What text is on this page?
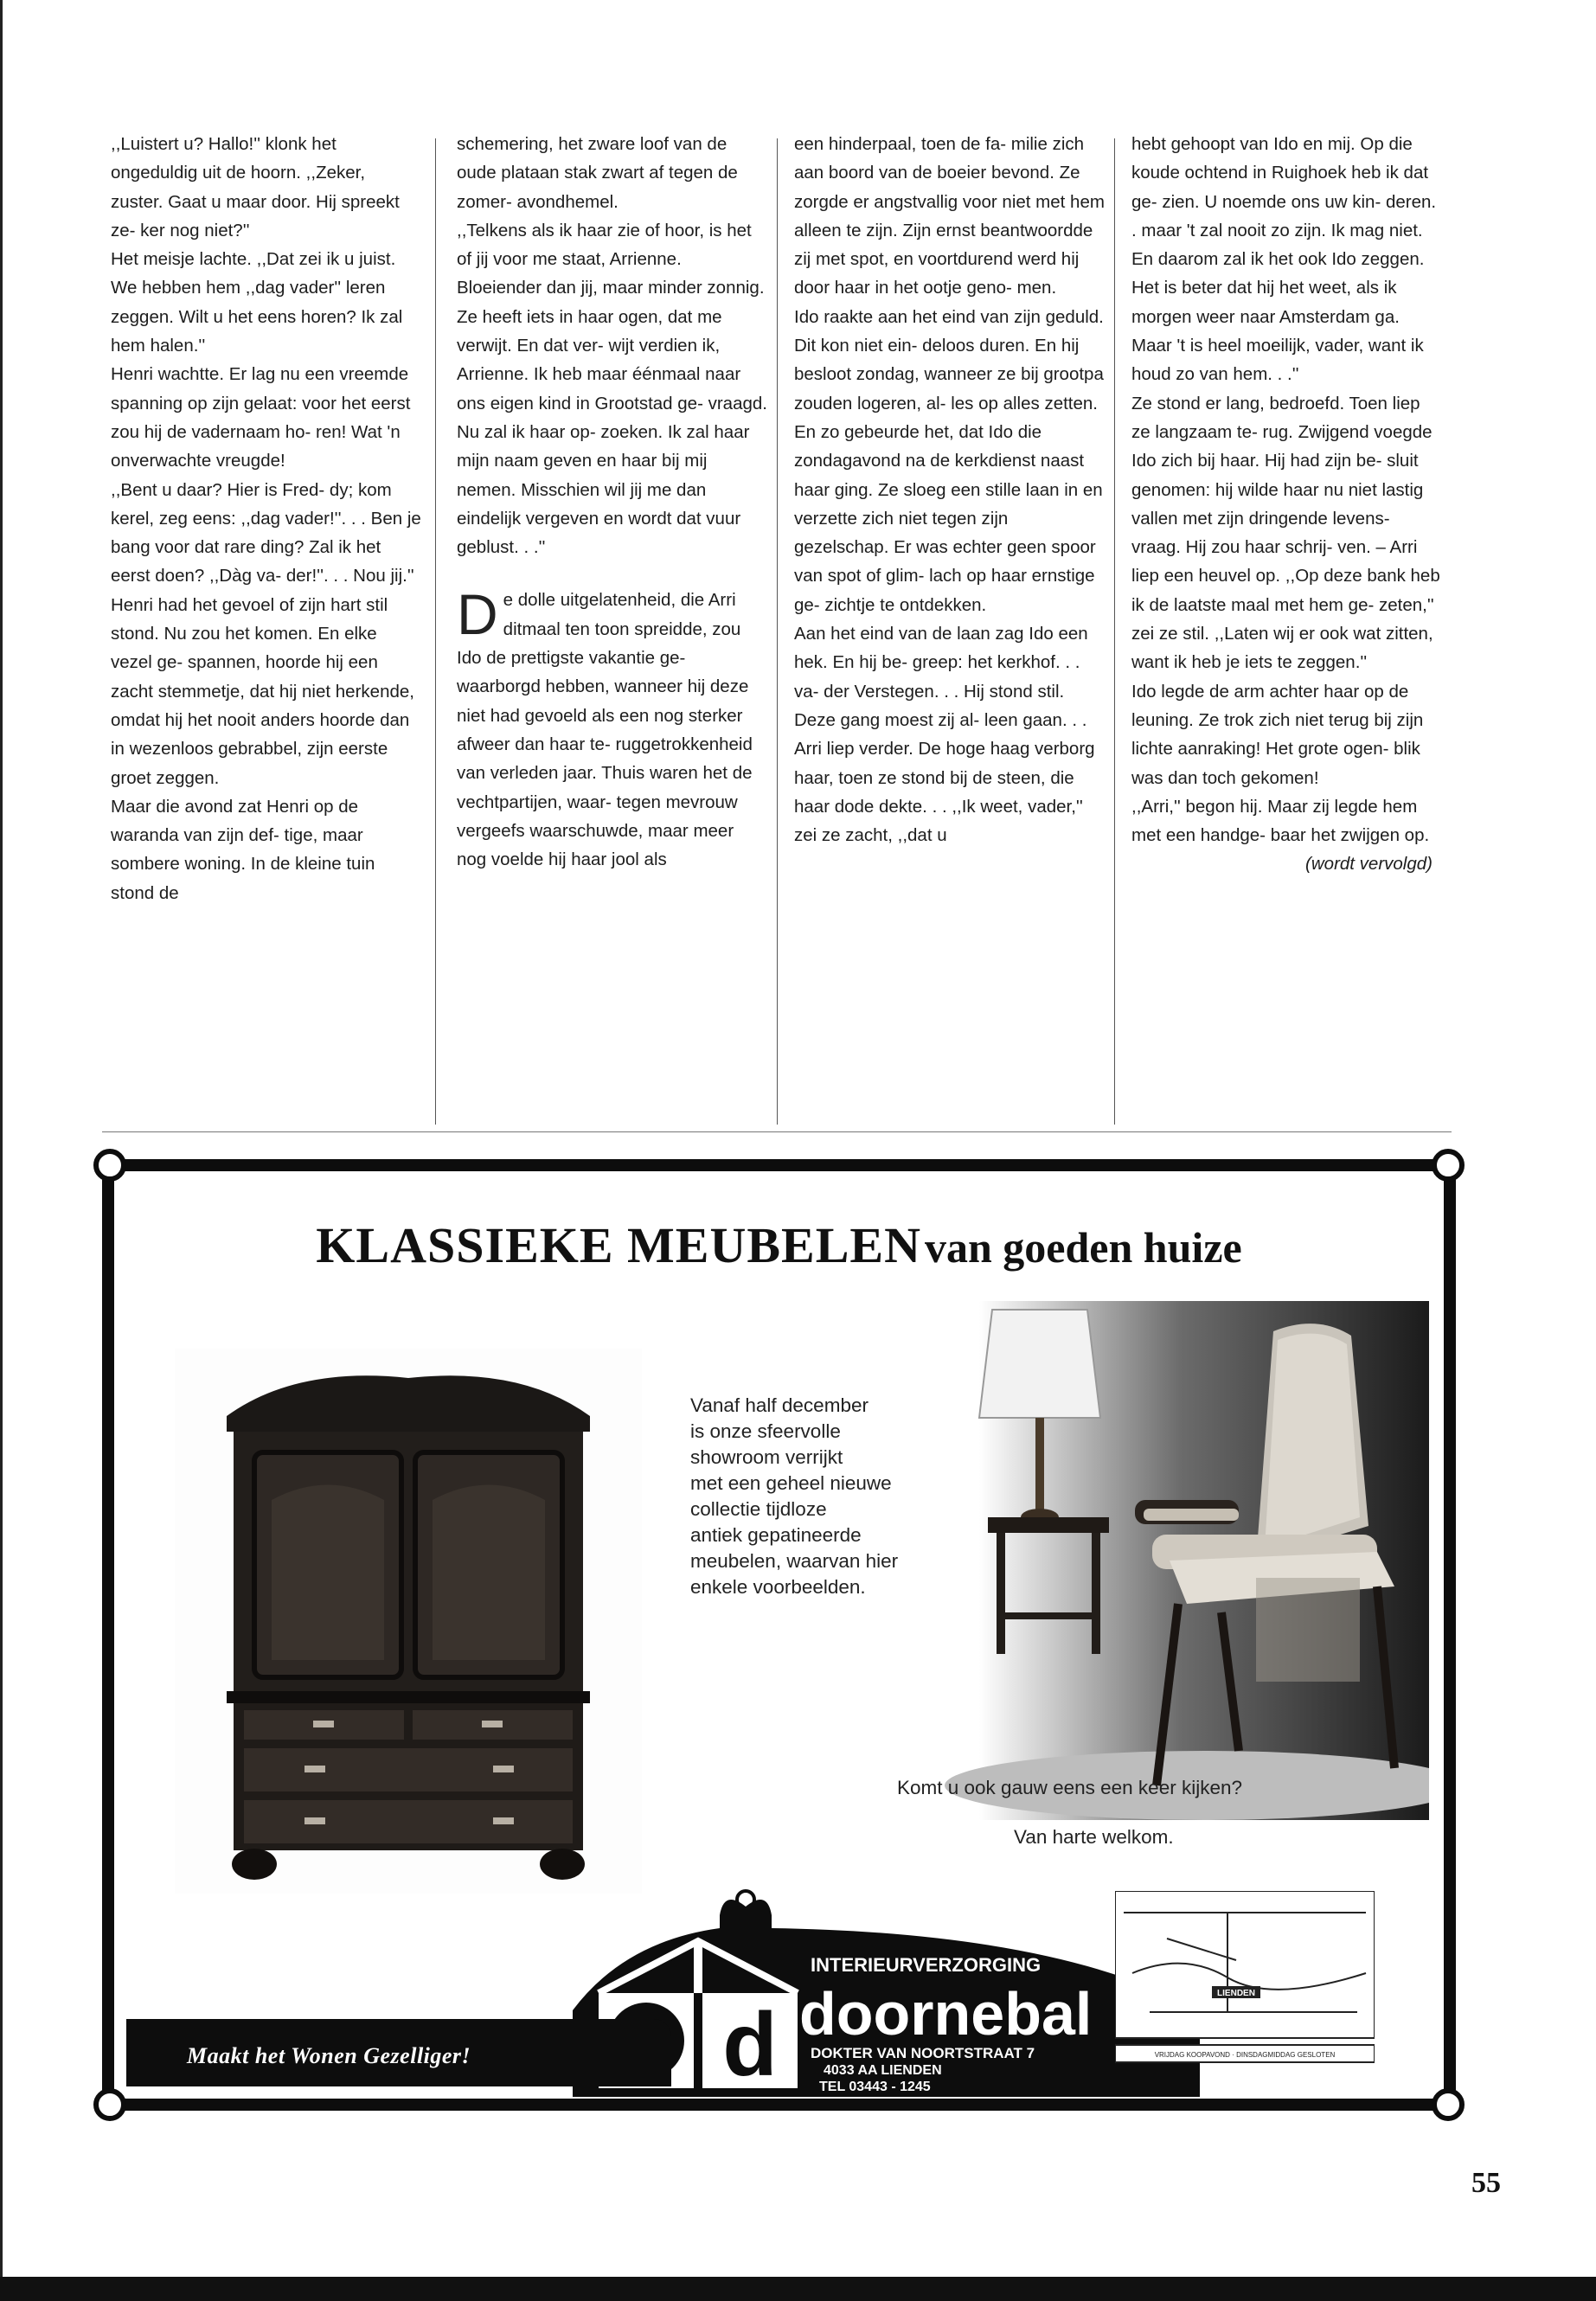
,,Luistert u? Hallo!'' klonk het ongeduldig uit de hoorn. ,,Zeker, zuster. Gaat u maar door. Hij spreekt ze- ker nog niet?''

Het meisje lachte. ,,Dat zei ik u juist. We hebben hem ,,dag vader'' leren zeggen. Wilt u het eens horen? Ik zal hem halen.''

Henri wachtte. Er lag nu een vreemde spanning op zijn gelaat: voor het eerst zou hij de vadernaam ho- ren! Wat 'n onverwachte vreugde!

,,Bent u daar? Hier is Fred- dy; kom kerel, zeg eens: ,,dag vader!''. . . Ben je bang voor dat rare ding? Zal ik het eerst doen? ,,Dàg va- der!''. . . Nou jij.''

Henri had het gevoel of zijn hart stil stond. Nu zou het komen. En elke vezel ge- spannen, hoorde hij een zacht stemmetje, dat hij niet herkende, omdat hij het nooit anders hoorde dan in wezenloos gebrabbel, zijn eerste groet zeggen.

Maar die avond zat Henri op de waranda van zijn def- tige, maar sombere woning. In de kleine tuin stond de

schemering, het zware loof van de oude plataan stak zwart af tegen de zomer- avondhemel.

,,Telkens als ik haar zie of hoor, is het of jij voor me staat, Arrienne. Bloeiender dan jij, maar minder zonnig. Ze heeft iets in haar ogen, dat me verwijt. En dat ver- wijt verdien ik, Arrienne. Ik heb maar éénmaal naar ons eigen kind in Grootstad ge- vraagd. Nu zal ik haar op- zoeken. Ik zal haar mijn naam geven en haar bij mij nemen. Misschien wil jij me dan eindelijk vergeven en wordt dat vuur geblust. . .''

De dolle uitgelatenheid, die Arri ditmaal ten toon spreidde, zou Ido de prettigste vakantie ge- waarborgd hebben, wanneer hij deze niet had gevoeld als een nog sterker afweer dan haar te- ruggetrokkenheid van verleden jaar. Thuis waren het de vechtpartijen, waar- tegen mevrouw vergeefs waarschuwde, maar meer nog voelde hij haar jool als

een hinderpaal, toen de fa- milie zich aan boord van de boeier bevond. Ze zorgde er angstvallig voor niet met hem alleen te zijn. Zijn ernst beantwoordde zij met spot, en voortdurend werd hij door haar in het ootje geno- men.

Ido raakte aan het eind van zijn geduld. Dit kon niet ein- deloos duren. En hij besloot zondag, wanneer ze bij grootpa zouden logeren, al- les op alles zetten.

En zo gebeurde het, dat Ido die zondagavond na de kerkdienst naast haar ging. Ze sloeg een stille laan in en verzette zich niet tegen zijn gezelschap. Er was echter geen spoor van spot of glim- lach op haar ernstige ge- zichtje te ontdekken.

Aan het eind van de laan zag Ido een hek. En hij be- greep: het kerkhof. . . va- der Verstegen. . . Hij stond stil. Deze gang moest zij al- leen gaan. . .

Arri liep verder. De hoge haag verborg haar, toen ze stond bij de steen, die haar dode dekte. . . ,,Ik weet, vader,'' zei ze zacht, ,,dat u

hebt gehoopt van Ido en mij. Op die koude ochtend in Ruighoek heb ik dat ge- zien. U noemde ons uw kin- deren. . maar 't zal nooit zo zijn. Ik mag niet. En daarom zal ik het ook Ido zeggen. Het is beter dat hij het weet, als ik morgen weer naar Amsterdam ga. Maar 't is heel moeilijk, vader, want ik houd zo van hem. . .''

Ze stond er lang, bedroefd. Toen liep ze langzaam te- rug. Zwijgend voegde Ido zich bij haar. Hij had zijn be- sluit genomen: hij wilde haar nu niet lastig vallen met zijn dringende levens- vraag. Hij zou haar schrij- ven. – Arri liep een heuvel op. ,,Op deze bank heb ik de laatste maal met hem ge- zeten,'' zei ze stil. ,,Laten wij er ook wat zitten, want ik heb je iets te zeggen.''

Ido legde de arm achter haar op de leuning. Ze trok zich niet terug bij zijn lichte aanraking! Het grote ogen- blik was dan toch gekomen!

,,Arri,'' begon hij. Maar zij legde hem met een handge- baar het zwijgen op.

(wordt vervolgd)

KLASSIEKE MEUBELEN van goeden huize

Vanaf half december

is onze sfeervolle

showroom verrijkt

met een geheel nieuwe

collectie tijdloze

antiek gepatineerde

meubelen, waarvan hier

enkele voorbeelden.

Komt u ook gauw eens een keer kijken?
Van harte welkom.
d
INTERIEURVERZORGING
doornebal
DOKTER VAN NOORTSTRAAT 7
4033 AA LIENDEN
TEL 03443 - 1245
LIENDEN
VRIJDAG KOOPAVOND · DINSDAGMIDDAG GESLOTEN
Maakt het Wonen Gezelliger!
55
